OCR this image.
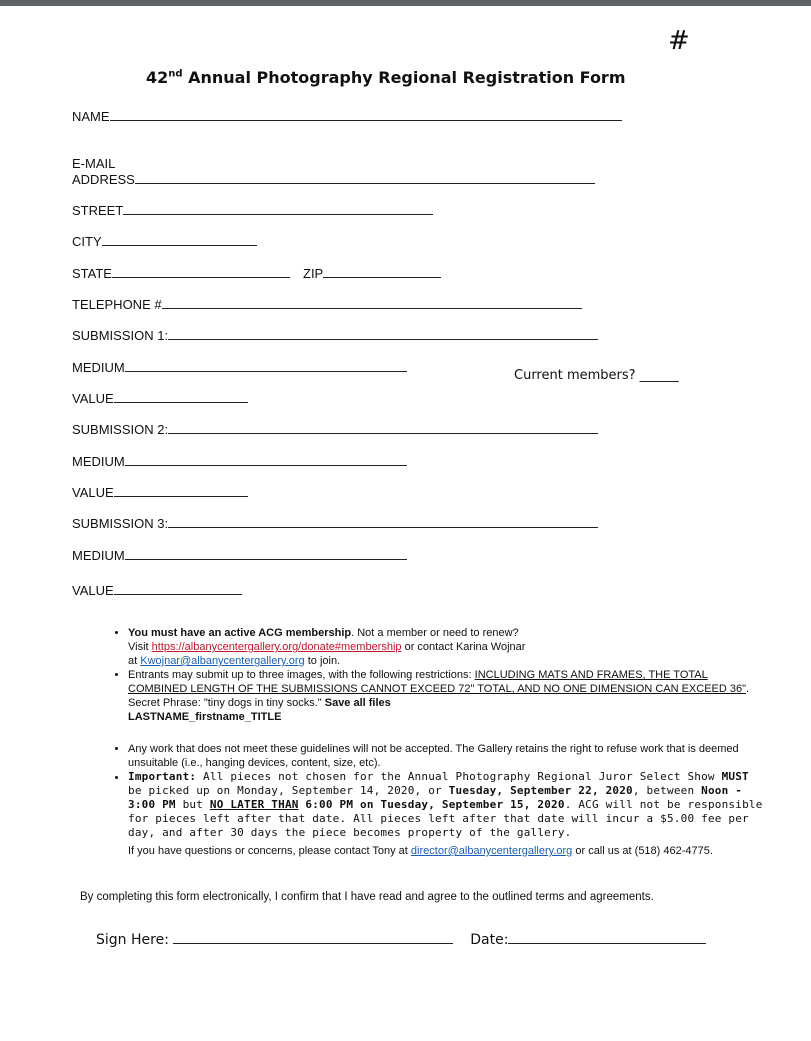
#
42nd Annual Photography Regional Registration Form
NAME
E-MAIL
ADDRESS
STREET
CITY
STATE	ZIP
TELEPHONE #
SUBMISSION 1:
MEDIUM
VALUE
Current members? ______
SUBMISSION 2:
MEDIUM
VALUE
SUBMISSION 3:
MEDIUM
VALUE
• You must have an active ACG membership. Not a member or need to renew?
Visit https://albanycentergallery.org/donate#membership or contact Karina Wojnar
at Kwojnar@albanycentergallery.org to join.
• Entrants may submit up to three images, with the following restrictions: INCLUDING MATS AND FRAMES, THE TOTAL COMBINED LENGTH OF THE SUBMISSIONS CANNOT EXCEED 72" TOTAL, AND NO ONE DIMENSION CAN EXCEED 36". Secret Phrase: "tiny dogs in tiny socks." Save all files
LASTNAME_firstname_TITLE
• Any work that does not meet these guidelines will not be accepted. The Gallery retains the right to refuse work that is deemed unsuitable (i.e., hanging devices, content, size, etc).
• Important: All pieces not chosen for the Annual Photography Regional Juror Select Show MUST be picked up on Monday, September 14, 2020, or Tuesday, September 22, 2020, between Noon - 3:00 PM but NO LATER THAN 6:00 PM on Tuesday, September 15, 2020. ACG will not be responsible for pieces left after that date. All pieces left after that date will incur a $5.00 fee per day, and after 30 days the piece becomes property of the gallery.
If you have questions or concerns, please contact Tony at director@albanycentergallery.org or call us at (518) 462-4775.
By completing this form electronically, I confirm that I have read and agree to the outlined terms and agreements.
Sign Here:	Date:
